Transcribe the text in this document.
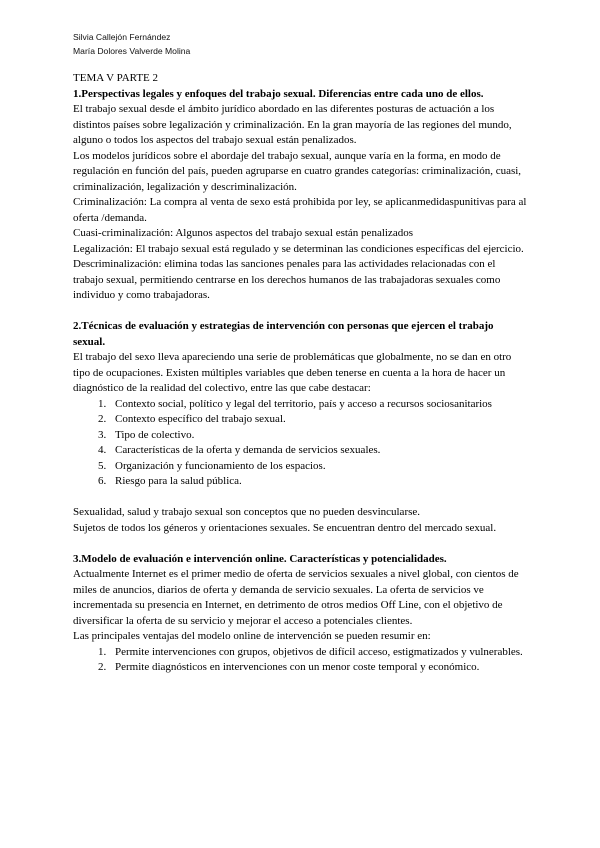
Silvia Callejón Fernández
María Dolores Valverde Molina

TEMA V PARTE 2

1.Perspectivas legales y enfoques del trabajo sexual. Diferencias entre cada uno de ellos.

El trabajo sexual desde el ámbito jurídico abordado en las diferentes posturas de actuación a los distintos países sobre legalización y criminalización. En la gran mayoría de las regiones del mundo, alguno o todos los aspectos del trabajo sexual están penalizados.

Los modelos jurídicos sobre el abordaje del trabajo sexual, aunque varía en la forma, en modo de regulación en función del país, pueden agruparse en cuatro grandes categorías: criminalización, cuasi, criminalización, legalización y descriminalización.

Criminalización: La compra al venta de sexo está prohibida por ley, se aplicanmedidaspunitivas para al oferta /demanda.

Cuasi-criminalización: Algunos aspectos del trabajo sexual están penalizados

Legalización: El trabajo sexual está regulado y se determinan las condiciones específicas del ejercicio.

Descriminalización: elimina todas las sanciones penales para las actividades relacionadas con el trabajo sexual, permitiendo centrarse en los derechos humanos de las trabajadoras sexuales como individuo y como trabajadoras.

2.Técnicas de evaluación y estrategias de intervención con personas que ejercen el trabajo sexual.

El trabajo del sexo lleva apareciendo una serie de problemáticas que globalmente, no se dan en otro tipo de ocupaciones. Existen múltiples variables que deben tenerse en cuenta a la hora de hacer un diagnóstico de la realidad del colectivo, entre las que cabe destacar:

1. Contexto social, político y legal del territorio, país y acceso a recursos sociosanitarios
2. Contexto específico del trabajo sexual.
3. Tipo de colectivo.
4. Características de la oferta y demanda de servicios sexuales.
5. Organización y funcionamiento de los espacios.
6. Riesgo para la salud pública.

Sexualidad, salud y trabajo sexual son conceptos que no pueden desvincularse.

Sujetos de todos los géneros y orientaciones sexuales. Se encuentran dentro del mercado sexual.

3.Modelo de evaluación e intervención online. Características y potencialidades.

Actualmente Internet es el primer medio de oferta de servicios sexuales a nivel global, con cientos de miles de anuncios, diarios de oferta y demanda de servicio sexuales. La oferta de servicios ve incrementada su presencia en Internet, en detrimento de otros medios Off Line, con el objetivo de diversificar la oferta de su servicio y mejorar el acceso a potenciales clientes.

Las principales ventajas del modelo online de intervención se pueden resumir en:

1. Permite intervenciones con grupos, objetivos de difícil acceso, estigmatizados y vulnerables.
2. Permite diagnósticos en intervenciones con un menor coste temporal y económico.
